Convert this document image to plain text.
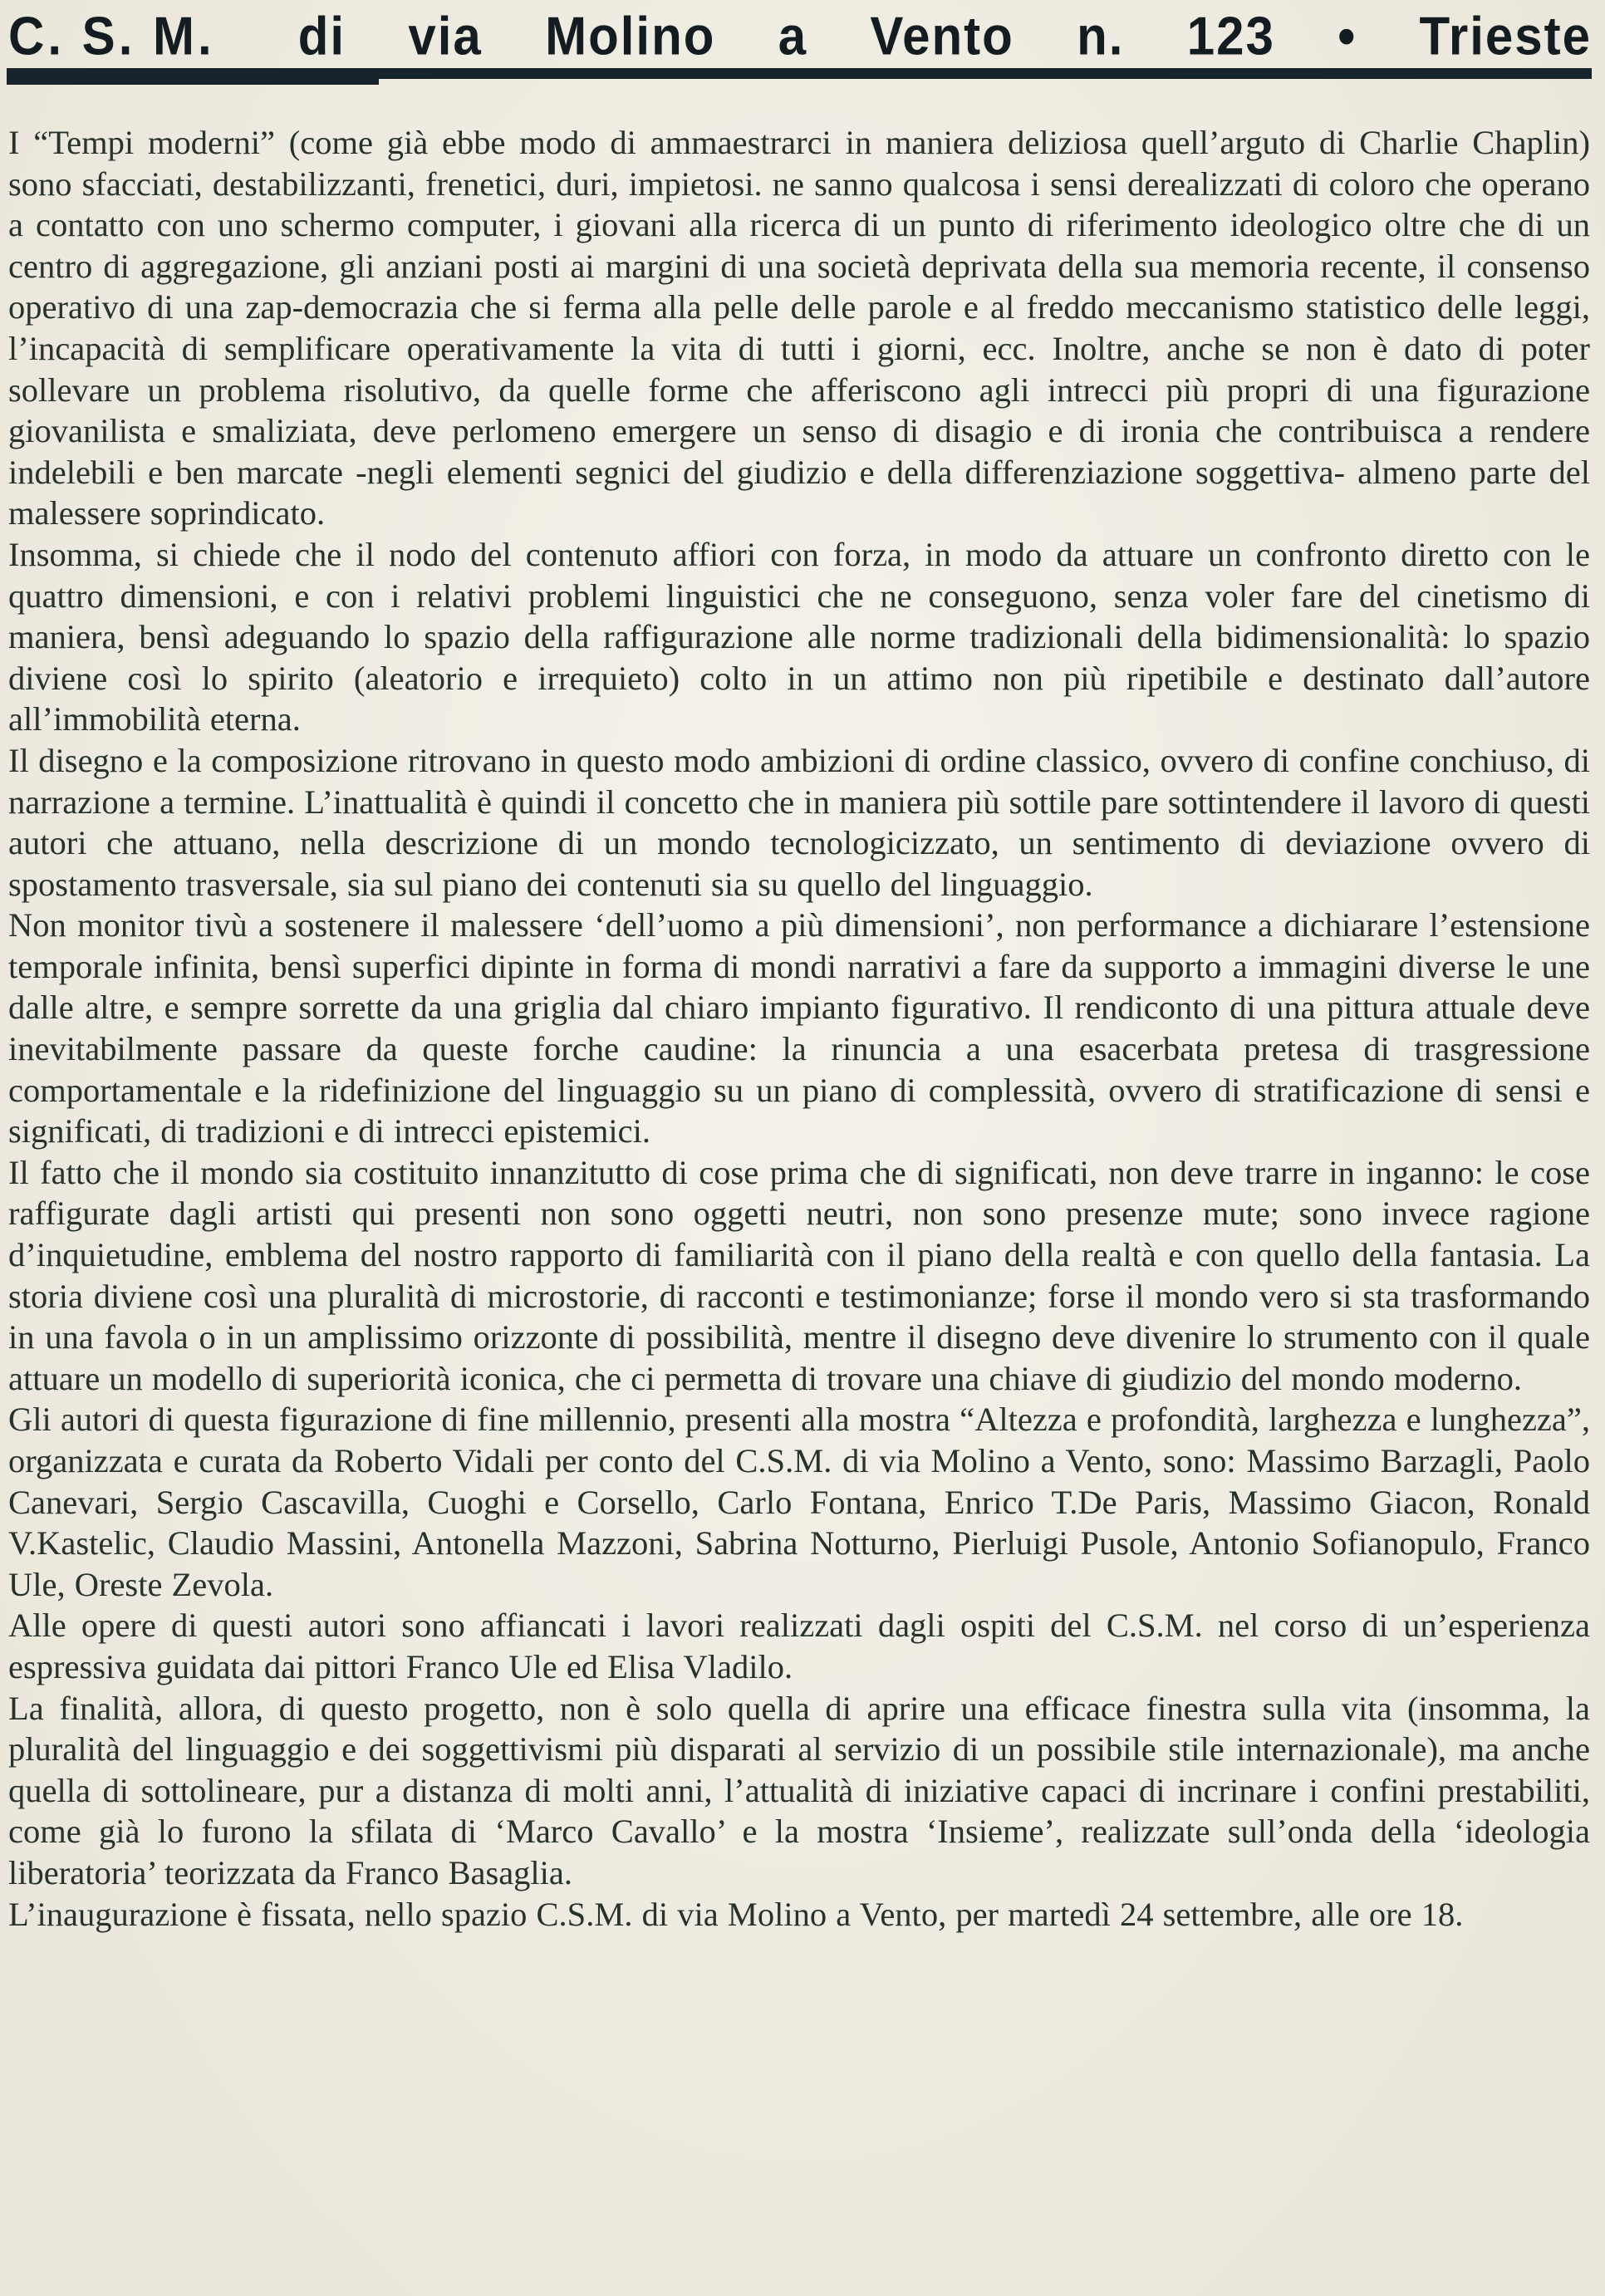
C. S. M. di via Molino a Vento n. 123 • Trieste

I “Tempi moderni” (come già ebbe modo di ammaestrarci in maniera deliziosa quell’arguto di Charlie Chaplin) sono sfacciati, destabilizzanti, frenetici, duri, impietosi. ne sanno qualcosa i sensi derealizzati di coloro che operano a contatto con uno schermo computer, i giovani alla ricerca di un punto di riferimento ideologico oltre che di un centro di aggregazione, gli anziani posti ai margini di una società deprivata della sua memoria recente, il consenso operativo di una zap-democrazia che si ferma alla pelle delle parole e al freddo meccanismo statistico delle leggi, l’incapacità di semplificare operativamente la vita di tutti i giorni, ecc. Inoltre, anche se non è dato di poter sollevare un problema risolutivo, da quelle forme che afferiscono agli intrecci più propri di una figurazione giovanilista e smaliziata, deve perlomeno emergere un senso di disagio e di ironia che contribuisca a rendere indelebili e ben marcate -negli elementi segnici del giudizio e della differenziazione soggettiva- almeno parte del malessere soprindicato.

Insomma, si chiede che il nodo del contenuto affiori con forza, in modo da attuare un confronto diretto con le quattro dimensioni, e con i relativi problemi linguistici che ne conseguono, senza voler fare del cinetismo di maniera, bensì adeguando lo spazio della raffigurazione alle norme tradizionali della bidimensionalità: lo spazio diviene così lo spirito (aleatorio e irrequieto) colto in un attimo non più ripetibile e destinato dall’autore all’immobilità eterna.

Il disegno e la composizione ritrovano in questo modo ambizioni di ordine classico, ovvero di confine conchiuso, di narrazione a termine. L’inattualità è quindi il concetto che in maniera più sottile pare sottintendere il lavoro di questi autori che attuano, nella descrizione di un mondo tecnologicizzato, un sentimento di deviazione ovvero di spostamento trasversale, sia sul piano dei contenuti sia su quello del linguaggio.

Non monitor tivù a sostenere il malessere ‘dell’uomo a più dimensioni’, non performance a dichiarare l’estensione temporale infinita, bensì superfici dipinte in forma di mondi narrativi a fare da supporto a immagini diverse le une dalle altre, e sempre sorrette da una griglia dal chiaro impianto figurativo. Il rendiconto di una pittura attuale deve inevitabilmente passare da queste forche caudine: la rinuncia a una esacerbata pretesa di trasgressione comportamentale e la ridefinizione del linguaggio su un piano di complessità, ovvero di stratificazione di sensi e significati, di tradizioni e di intrecci epistemici.

Il fatto che il mondo sia costituito innanzitutto di cose prima che di significati, non deve trarre in inganno: le cose raffigurate dagli artisti qui presenti non sono oggetti neutri, non sono presenze mute; sono invece ragione d’inquietudine, emblema del nostro rapporto di familiarità con il piano della realtà e con quello della fantasia. La storia diviene così una pluralità di microstorie, di racconti e testimonianze; forse il mondo vero si sta trasformando in una favola o in un amplissimo orizzonte di possibilità, mentre il disegno deve divenire lo strumento con il quale attuare un modello di superiorità iconica, che ci permetta di trovare una chiave di giudizio del mondo moderno.

Gli autori di questa figurazione di fine millennio, presenti alla mostra “Altezza e profondità, larghezza e lunghezza”, organizzata e curata da Roberto Vidali per conto del C.S.M. di via Molino a Vento, sono: Massimo Barzagli, Paolo Canevari, Sergio Cascavilla, Cuoghi e Corsello, Carlo Fontana, Enrico T.De Paris, Massimo Giacon, Ronald V.Kastelic, Claudio Massini, Antonella Mazzoni, Sabrina Notturno, Pierluigi Pusole, Antonio Sofianopulo, Franco Ule, Oreste Zevola.

Alle opere di questi autori sono affiancati i lavori realizzati dagli ospiti del C.S.M. nel corso di un’esperienza espressiva guidata dai pittori Franco Ule ed Elisa Vladilo.

La finalità, allora, di questo progetto, non è solo quella di aprire una efficace finestra sulla vita (insomma, la pluralità del linguaggio e dei soggettivismi più disparati al servizio di un possibile stile internazionale), ma anche quella di sottolineare, pur a distanza di molti anni, l’attualità di iniziative capaci di incrinare i confini prestabiliti, come già lo furono la sfilata di ‘Marco Cavallo’ e la mostra ‘Insieme’, realizzate sull’onda della ‘ideologia liberatoria’ teorizzata da Franco Basaglia.

L’inaugurazione è fissata, nello spazio C.S.M. di via Molino a Vento, per martedì 24 settembre, alle ore 18.
